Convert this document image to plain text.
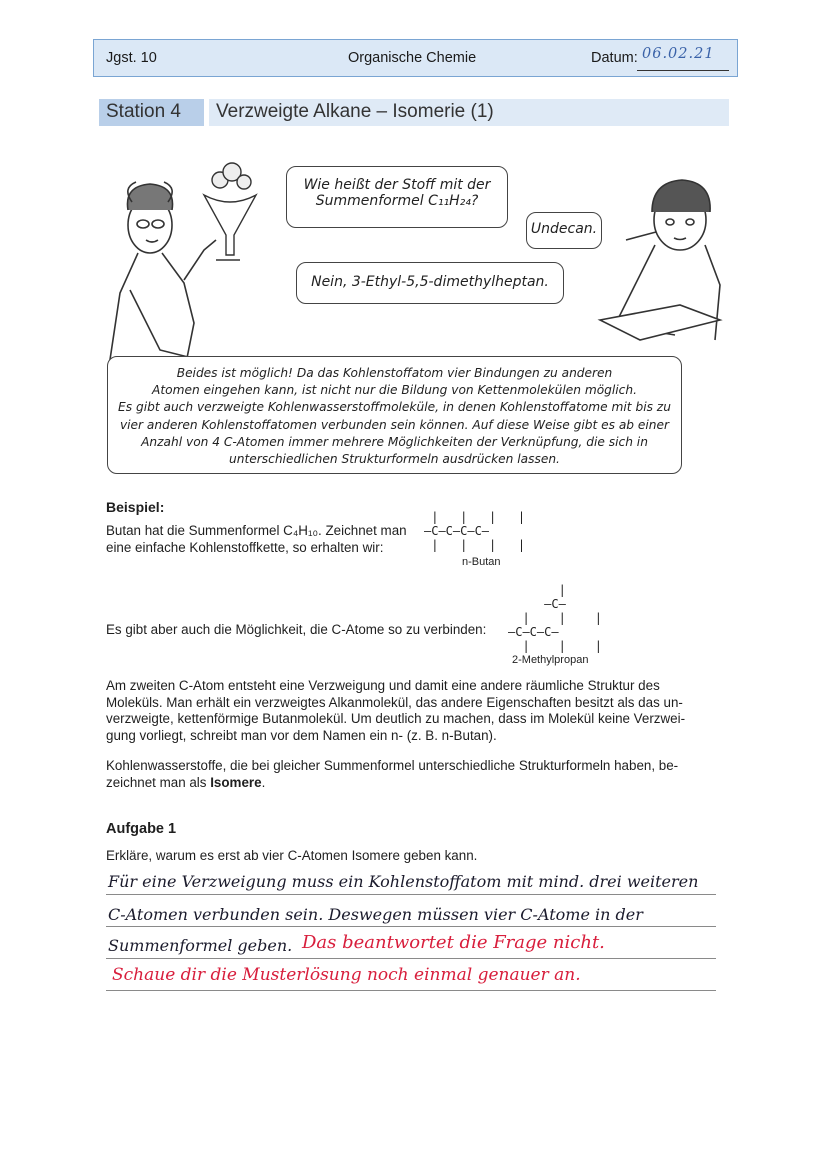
Jgst. 10	Organische Chemie	Datum: 06.02.21
Station 4 Verzweigte Alkane – Isomerie (1)
Wie heißt der Stoff mit der
Summenformel C₁₁H₂₄?
Undecan.
Nein, 3-Ethyl-5,5-dimethylheptan.
Beides ist möglich! Da das Kohlenstoffatom vier Bindungen zu anderen
Atomen eingehen kann, ist nicht nur die Bildung von Kettenmolekülen möglich.
Es gibt auch verzweigte Kohlenwasserstoffmoleküle, in denen Kohlenstoffatome mit bis zu
vier anderen Kohlenstoffatomen verbunden sein können. Auf diese Weise gibt es ab einer
Anzahl von 4 C-Atomen immer mehrere Möglichkeiten der Verknüpfung, die sich in
unterschiedlichen Strukturformeln ausdrücken lassen.
Beispiel:
Butan hat die Summenformel C₄H₁₀. Zeichnet man
eine einfache Kohlenstoffkette, so erhalten wir:
|   |   |   |
—C—C—C—C—
|   |   |   |
n-Butan
Es gibt aber auch die Möglichkeit, die C-Atome so zu verbinden:
|
—C—
|    |    |
—C—C—C—
|    |    |
2-Methylpropan
Am zweiten C-Atom entsteht eine Verzweigung und damit eine andere räumliche Struktur des
Moleküls. Man erhält ein verzweigtes Alkanmolekül, das andere Eigenschaften besitzt als das un-
verzweigte, kettenförmige Butanmolekül. Um deutlich zu machen, dass im Molekül keine Verzwei-
gung vorliegt, schreibt man vor dem Namen ein n- (z. B. n-Butan).
Kohlenwasserstoffe, die bei gleicher Summenformel unterschiedliche Strukturformeln haben, be-
zeichnet man als Isomere.
Aufgabe 1
Erkläre, warum es erst ab vier C-Atomen Isomere geben kann.
Für eine Verzweigung muss ein Kohlenstoffatom mit mind. drei weiteren
C-Atomen verbunden sein. Deswegen müssen vier C-Atome in der
Summenformel geben. Das beantwortet die Frage nicht.
Schaue dir die Musterlösung noch einmal genauer an.
